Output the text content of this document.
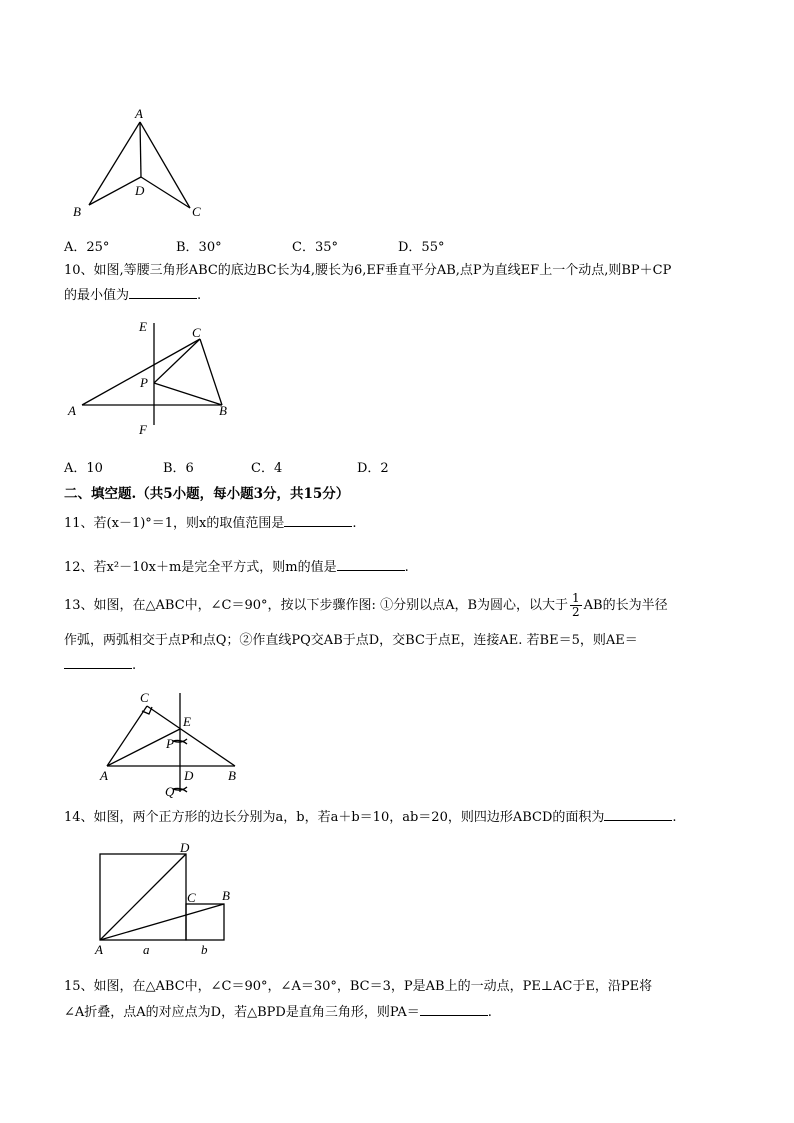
A
D
B	C
A．25°	B．30°	C．35°	D．55°
10、如图,等腰三角形ABC的底边BC长为4,腰长为6,EF垂直平分AB,点P为直线EF上一个动点,则BP＋CP
的最小值为	.
E	C
P
A	B
F
A．10	B．6	C．4	D．2
二、填空题.（共5小题，每小题3分，共15分）
11、若(x－1)°＝1，则x的取值范围是	.
12、若x²－10x＋m是完全平方式，则m的值是	.
13、如图，在△ABC中，∠C＝90°，按以下步骤作图: ①分别以点A，B为圆心，以大于 $\frac{1}{2}$ AB的长为半径
作弧，两弧相交于点P和点Q；②作直线PQ交AB于点D，交BC于点E，连接AE. 若BE＝5，则AE＝
.
C
E
P
A	D	B
Q
14、如图，两个正方形的边长分别为a，b，若a＋b＝10，ab＝20，则四边形ABCD的面积为	.
D
C B
A	a	b
15、如图，在△ABC中，∠C＝90°，∠A＝30°，BC＝3，P是AB上的一动点，PE⊥AC于E，沿PE将
∠A折叠，点A的对应点为D，若△BPD是直角三角形，则PA＝	.
